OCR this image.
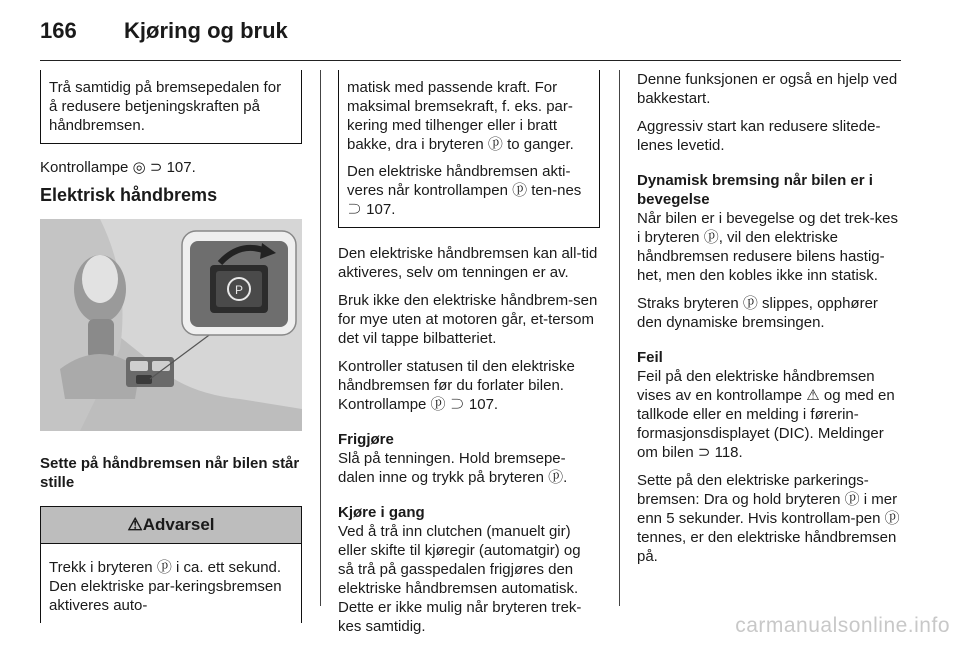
166 Kjøring og bruk

Trå samtidig på bremsepedalen for å redusere betjeningskraften på håndbremsen.

Kontrollampe ◎ ⊃ 107.

Elektrisk håndbrems
P

Sette på håndbremsen når bilen står stille

⚠Advarsel
Trekk i bryteren ⓟ i ca. ett sekund. Den elektriske par-keringsbremsen aktiveres auto-

matisk med passende kraft. For maksimal bremsekraft, f. eks. par-kering med tilhenger eller i bratt bakke, dra i bryteren ⓟ to ganger.

Den elektriske håndbremsen akti-veres når kontrollampen ⓟ ten-nes ⊃ 107.

Den elektriske håndbremsen kan all-tid aktiveres, selv om tenningen er av.

Bruk ikke den elektriske håndbrem-sen for mye uten at motoren går, et-tersom det vil tappe bilbatteriet.

Kontroller statusen til den elektriske håndbremsen før du forlater bilen. Kontrollampe ⓟ ⊃ 107.

Frigjøre

Slå på tenningen. Hold bremsepe-dalen inne og trykk på bryteren ⓟ.

Kjøre i gang

Ved å trå inn clutchen (manuelt gir) eller skifte til kjøregir (automatgir) og så trå på gasspedalen frigjøres den elektriske håndbremsen automatisk. Dette er ikke mulig når bryteren trek-kes samtidig.

Denne funksjonen er også en hjelp ved bakkestart.

Aggressiv start kan redusere slitede-lenes levetid.

Dynamisk bremsing når bilen er i bevegelse

Når bilen er i bevegelse og det trek-kes i bryteren ⓟ, vil den elektriske håndbremsen redusere bilens hastig-het, men den kobles ikke inn statisk.

Straks bryteren ⓟ slippes, opphører den dynamiske bremsingen.

Feil

Feil på den elektriske håndbremsen vises av en kontrollampe ⚠ og med en tallkode eller en melding i førerin-formasjonsdisplayet (DIC). Meldinger om bilen ⊃ 118.

Sette på den elektriske parkerings-bremsen: Dra og hold bryteren ⓟ i mer enn 5 sekunder. Hvis kontrollam-pen ⓟ tennes, er den elektriske håndbremsen på.

carmanualsonline.info
